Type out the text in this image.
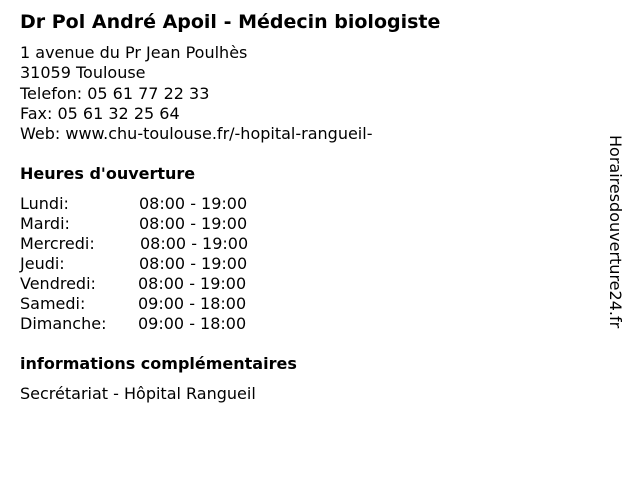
Dr Pol André Apoil - Médecin biologiste
1 avenue du Pr Jean Poulhès
31059 Toulouse
Telefon: 05 61 77 22 33
Fax: 05 61 32 25 64
Web: www.chu-toulouse.fr/-hopital-rangueil-
Heures d'ouverture
Lundi:	08:00 - 19:00
Mardi:	08:00 - 19:00
Mercredi:	08:00 - 19:00
Jeudi:	08:00 - 19:00
Vendredi:	08:00 - 19:00
Samedi:	09:00 - 18:00
Dimanche: 09:00 - 18:00
informations complémentaires
Secrétariat - Hôpital Rangueil
Horairesdouverture24.fr
